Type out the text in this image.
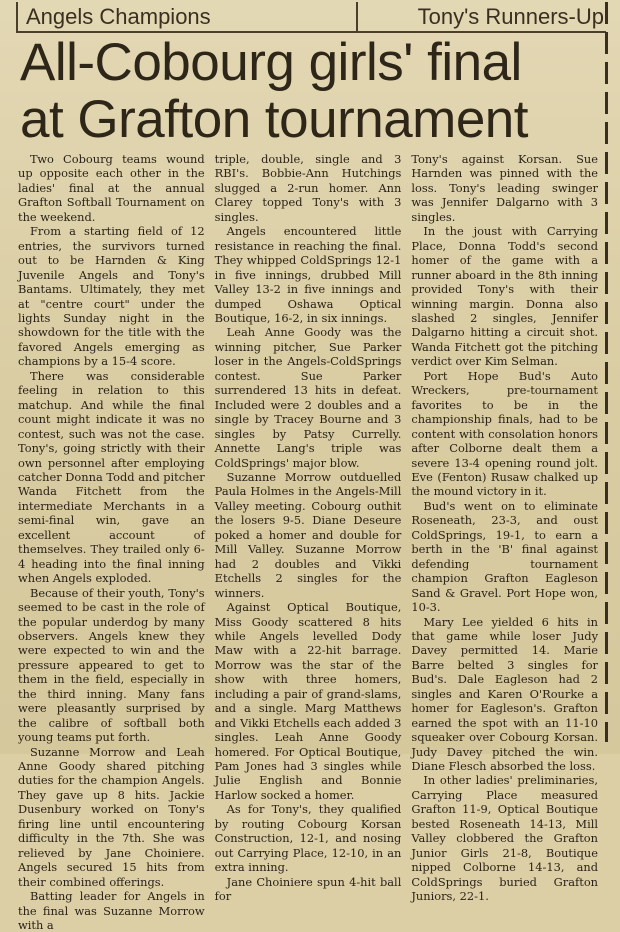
Angels Champions	Tony's Runners-Up
All-Cobourg girls' final
at Grafton tournament

Two Cobourg teams wound up opposite each other in the ladies' final at the annual Grafton Softball Tournament on the weekend.

From a starting field of 12 entries, the survivors turned out to be Harnden & King Juvenile Angels and Tony's Bantams. Ultimately, they met at "centre court" under the lights Sunday night in the showdown for the title with the favored Angels emerging as champions by a 15-4 score.

There was considerable feeling in relation to this matchup. And while the final count might indicate it was no contest, such was not the case. Tony's, going strictly with their own personnel after employing catcher Donna Todd and pitcher Wanda Fitchett from the intermediate Merchants in a semi-final win, gave an excellent account of themselves. They trailed only 6-4 heading into the final inning when Angels exploded.

Because of their youth, Tony's seemed to be cast in the role of the popular underdog by many observers. Angels knew they were expected to win and the pressure appeared to get to them in the field, especially in the third inning. Many fans were pleasantly surprised by the calibre of softball both young teams put forth.

Suzanne Morrow and Leah Anne Goody shared pitching duties for the champion Angels. They gave up 8 hits. Jackie Dusenbury worked on Tony's firing line until encountering difficulty in the 7th. She was relieved by Jane Choiniere. Angels secured 15 hits from their combined offerings.

Batting leader for Angels in the final was Suzanne Morrow with a

triple, double, single and 3 RBI's. Bobbie-Ann Hutchings slugged a 2-run homer. Ann Clarey topped Tony's with 3 singles.

Angels encountered little resistance in reaching the final. They whipped ColdSprings 12-1 in five innings, drubbed Mill Valley 13-2 in five innings and dumped Oshawa Optical Boutique, 16-2, in six innings.

Leah Anne Goody was the winning pitcher, Sue Parker loser in the Angels-ColdSprings contest. Sue Parker surrendered 13 hits in defeat. Included were 2 doubles and a single by Tracey Bourne and 3 singles by Patsy Currelly. Annette Lang's triple was ColdSprings' major blow.

Suzanne Morrow outduelled Paula Holmes in the Angels-Mill Valley meeting. Cobourg outhit the losers 9-5. Diane Deseure poked a homer and double for Mill Valley. Suzanne Morrow had 2 doubles and Vikki Etchells 2 singles for the winners.

Against Optical Boutique, Miss Goody scattered 8 hits while Angels levelled Dody Maw with a 22-hit barrage. Morrow was the star of the show with three homers, including a pair of grand-slams, and a single. Marg Matthews and Vikki Etchells each added 3 singles. Leah Anne Goody homered. For Optical Boutique, Pam Jones had 3 singles while Julie English and Bonnie Harlow socked a homer.

As for Tony's, they qualified by routing Cobourg Korsan Construction, 12-1, and nosing out Carrying Place, 12-10, in an extra inning.

Jane Choiniere spun 4-hit ball for

Tony's against Korsan. Sue Harnden was pinned with the loss. Tony's leading swinger was Jennifer Dalgarno with 3 singles.

In the joust with Carrying Place, Donna Todd's second homer of the game with a runner aboard in the 8th inning provided Tony's with their winning margin. Donna also slashed 2 singles, Jennifer Dalgarno hitting a circuit shot. Wanda Fitchett got the pitching verdict over Kim Selman.

Port Hope Bud's Auto Wreckers, pre-tournament favorites to be in the championship finals, had to be content with consolation honors after Colborne dealt them a severe 13-4 opening round jolt. Eve (Fenton) Rusaw chalked up the mound victory in it.

Bud's went on to eliminate Roseneath, 23-3, and oust ColdSprings, 19-1, to earn a berth in the 'B' final against defending tournament champion Grafton Eagleson Sand & Gravel. Port Hope won, 10-3.

Mary Lee yielded 6 hits in that game while loser Judy Davey permitted 14. Marie Barre belted 3 singles for Bud's. Dale Eagleson had 2 singles and Karen O'Rourke a homer for Eagleson's. Grafton earned the spot with an 11-10 squeaker over Cobourg Korsan. Judy Davey pitched the win. Diane Flesch absorbed the loss.

In other ladies' preliminaries, Carrying Place measured Grafton 11-9, Optical Boutique bested Roseneath 14-13, Mill Valley clobbered the Grafton Junior Girls 21-8, Boutique nipped Colborne 14-13, and ColdSprings buried Grafton Juniors, 22-1.
